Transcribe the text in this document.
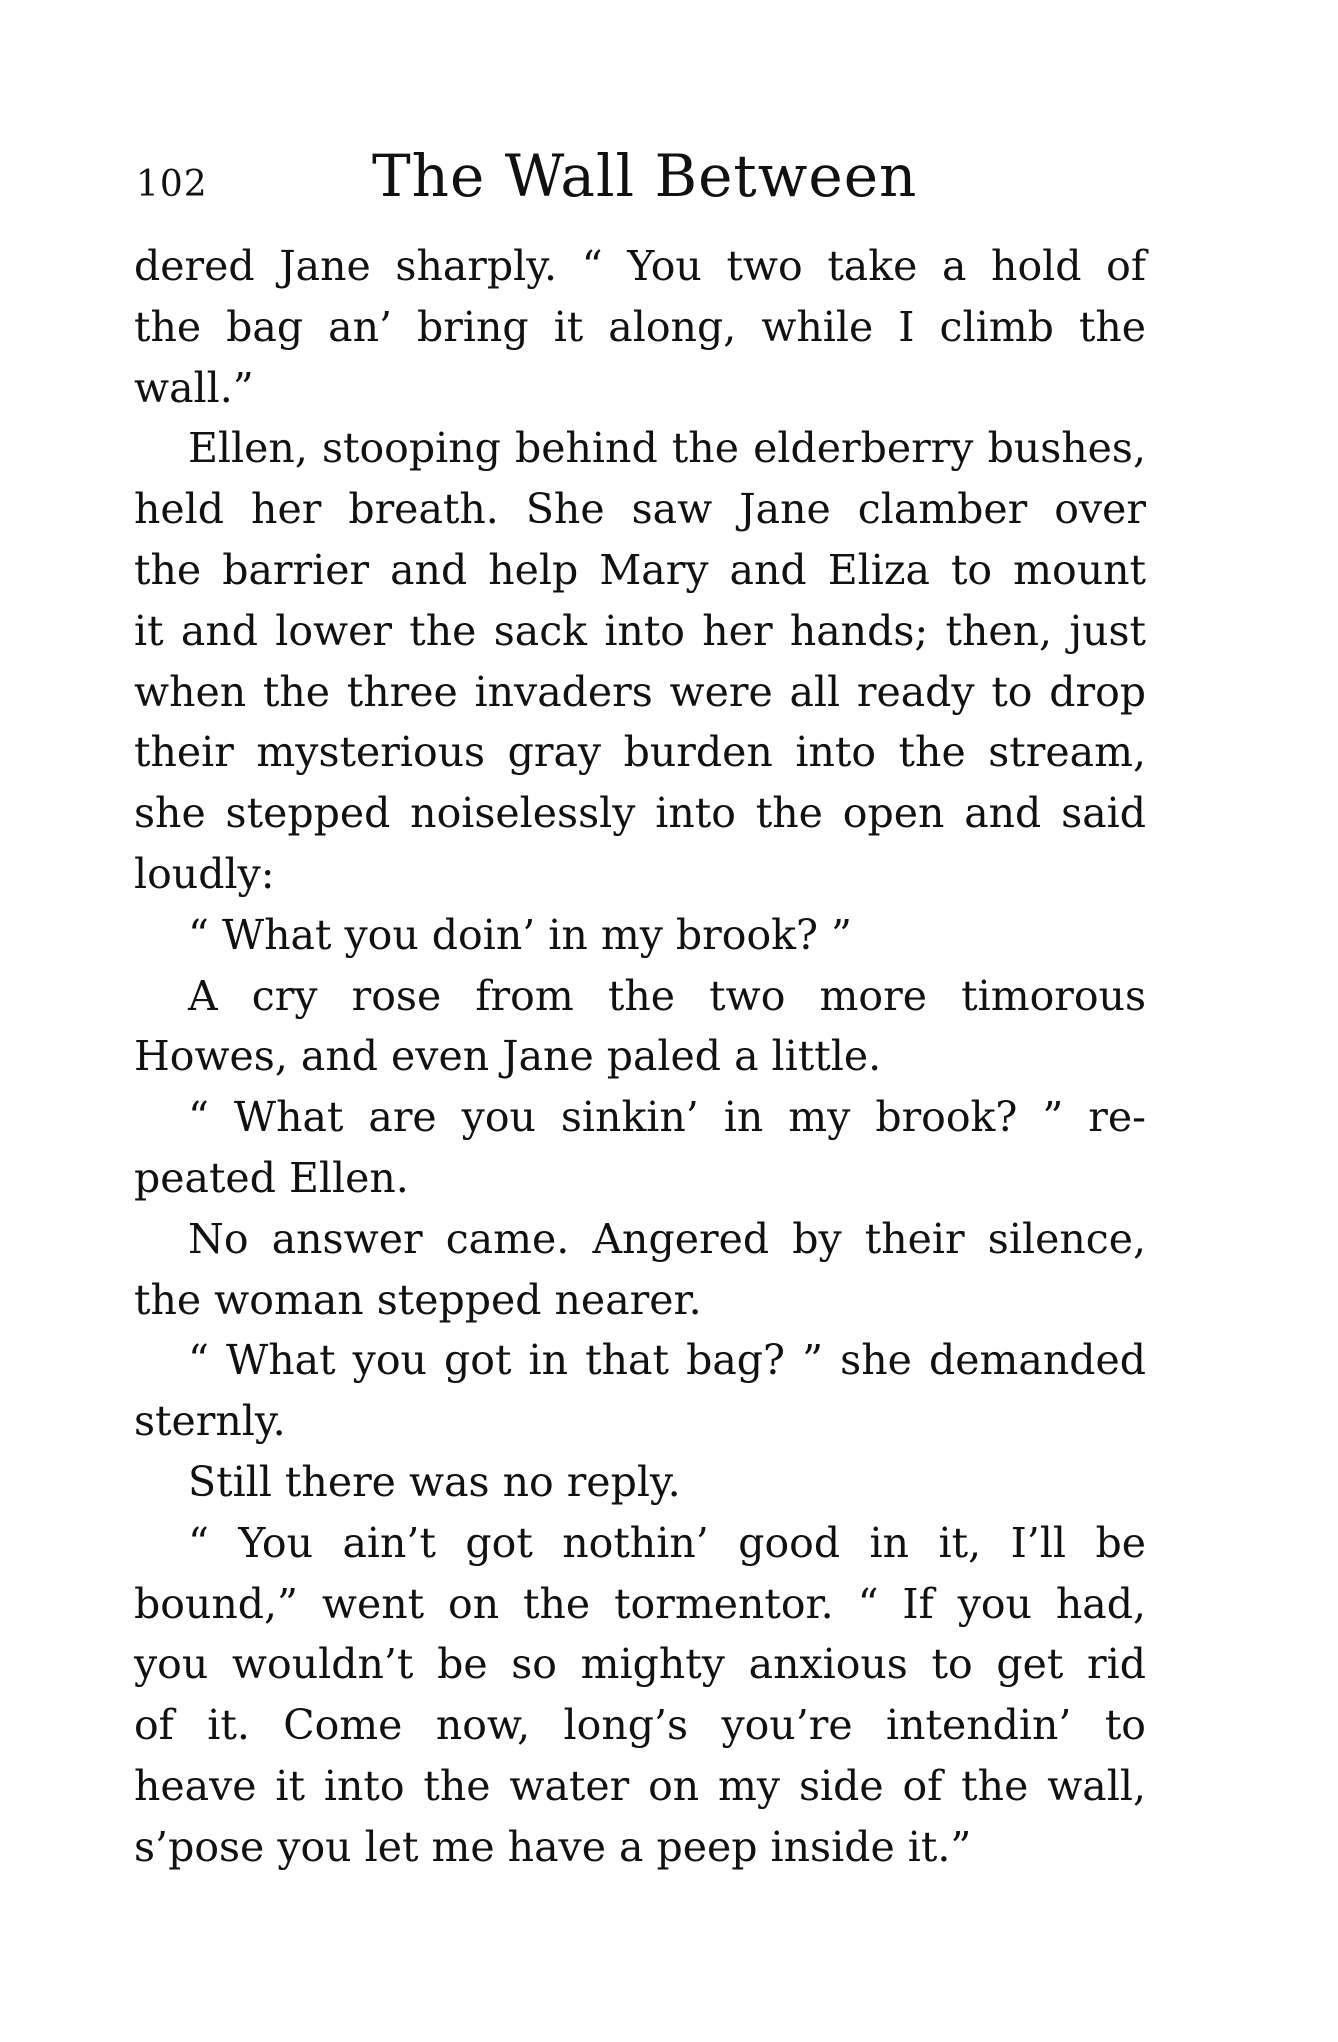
102	The Wall Between
dered Jane sharply. “ You two take a hold of
the bag an’ bring it along, while I climb the
wall.”
Ellen, stooping behind the elderberry bushes,
held her breath. She saw Jane clamber over
the barrier and help Mary and Eliza to mount
it and lower the sack into her hands; then, just
when the three invaders were all ready to drop
their mysterious gray burden into the stream,
she stepped noiselessly into the open and said
loudly:
“ What you doin’ in my brook? ”
A cry rose from the two more timorous
Howes, and even Jane paled a little.
“ What are you sinkin’ in my brook? ” re-
peated Ellen.
No answer came. Angered by their silence,
the woman stepped nearer.
“ What you got in that bag? ” she demanded
sternly.
Still there was no reply.
“ You ain’t got nothin’ good in it, I’ll be
bound,” went on the tormentor. “ If you had,
you wouldn’t be so mighty anxious to get rid
of it. Come now, long’s you’re intendin’ to
heave it into the water on my side of the wall,
s’pose you let me have a peep inside it.”
